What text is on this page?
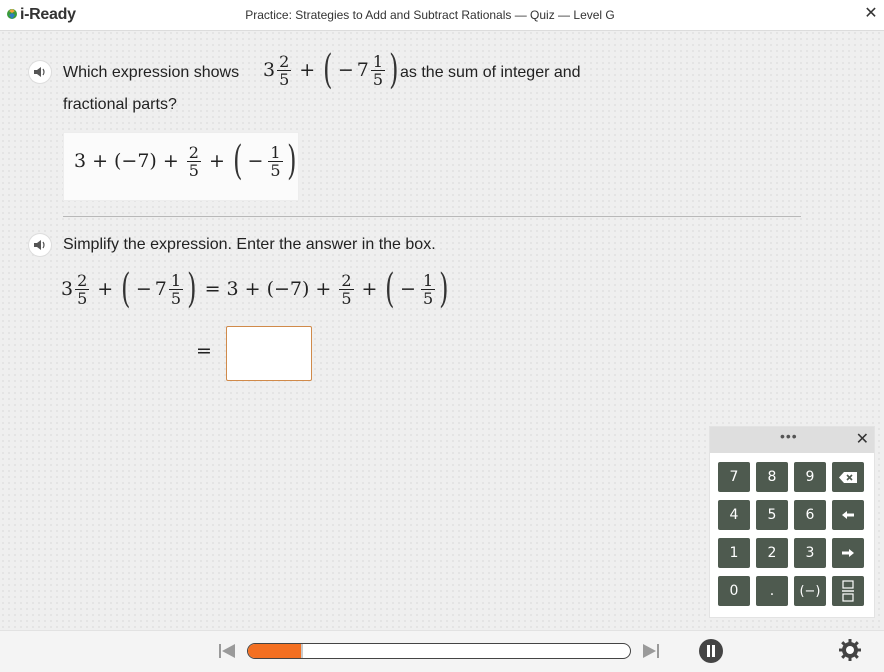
i-Ready	Practice: Strategies to Add and Subtract Rationals — Quiz — Level G	✕
Which expression shows $3 \frac{2}{5}$ + ( − $7 \frac{1}{5}$ ) as the sum of integer and
fractional parts?
$3 + (-7) + \frac{2}{5}$ + ( − $\frac{1}{5}$ )
Simplify the expression. Enter the answer in the box.
$3 \frac{2}{5}$ + ( − $7 \frac{1}{5}$ ) = $3 + (-7) + \frac{2}{5}$ + ( − $\frac{1}{5}$ )
=
•••	✕
7	8	9
4	5	6
1	2	3
0	.	(−)
